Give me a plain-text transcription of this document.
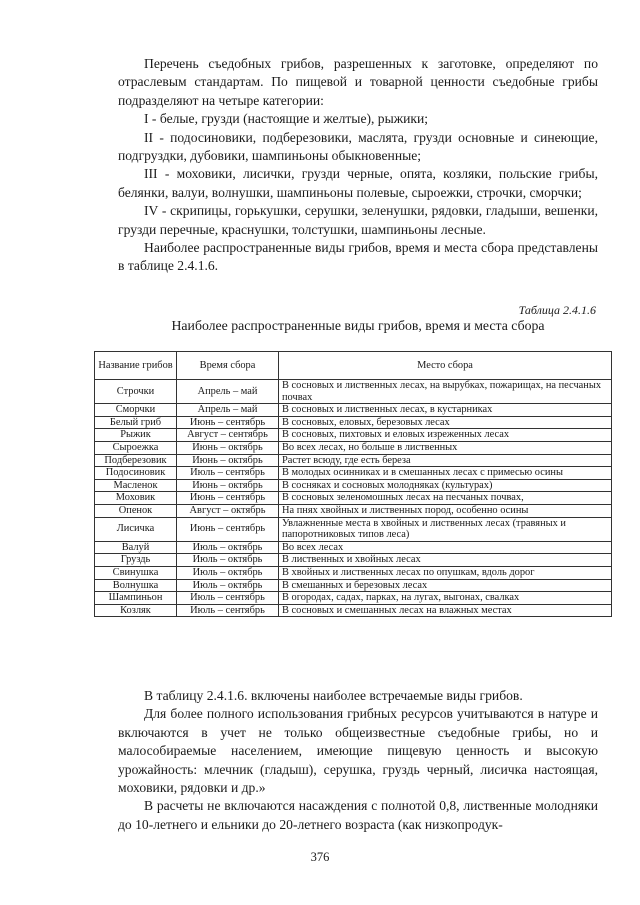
Перечень съедобных грибов, разрешенных к заготовке, определяют по отраслевым стандартам. По пищевой и товарной ценности съедобные грибы подразделяют на четыре категории:

I - белые, грузди (настоящие и желтые), рыжики;

II - подосиновики, подберезовики, маслята, грузди основные и синеющие, подгруздки, дубовики, шампиньоны обыкновенные;

III - моховики, лисички, грузди черные, опята, козляки, польские грибы, белянки, валуи, волнушки, шампиньоны полевые, сыроежки, строчки, сморчки;

IV - скрипицы, горькушки, серушки, зеленушки, рядовки, гладыши, вешенки, грузди перечные, краснушки, толстушки, шампиньоны лесные.

Наиболее распространенные виды грибов, время и места сбора представлены в таблице 2.4.1.6.

Таблица 2.4.1.6
Наиболее распространенные виды грибов, время и места сбора
Название грибов	Время сбора	Место сбора
Строчки	Апрель – май	В сосновых и лиственных лесах, на вырубках, пожарищах, на песчаных почвах
Сморчки	Апрель – май	В сосновых и лиственных лесах, в кустарниках
Белый гриб	Июнь – сентябрь	В сосновых, еловых, березовых лесах
Рыжик	Август – сентябрь	В сосновых, пихтовых и еловых изреженных лесах
Сыроежка	Июнь – октябрь	Во всех лесах, но больше в лиственных
Подберезовик	Июнь – октябрь	Растет всюду, где есть береза
Подосиновик	Июль – сентябрь	В молодых осинниках и в смешанных лесах с примесью осины
Масленок	Июнь – октябрь	В сосняках и сосновых молодняках (культурах)
Моховик	Июнь – сентябрь	В сосновых зеленомошных лесах на песчаных почвах,
Опенок	Август – октябрь	На пнях хвойных и лиственных пород, особенно осины
Лисичка	Июнь – сентябрь	Увлажненные места в хвойных и лиственных лесах (травяных и папоротниковых типов леса)
Валуй	Июль – октябрь	Во всех лесах
Груздь	Июль – октябрь	В лиственных и хвойных лесах
Свинушка	Июль – октябрь	В хвойных и лиственных лесах по опушкам, вдоль дорог
Волнушка	Июль – октябрь	В смешанных и березовых лесах
Шампиньон	Июль – сентябрь	В огородах, садах, парках, на лугах, выгонах, свалках
Козляк	Июль – сентябрь	В сосновых и смешанных лесах на влажных местах

В таблицу 2.4.1.6. включены наиболее встречаемые виды грибов.

Для более полного использования грибных ресурсов учитываются в натуре и включаются в учет не только общеизвестные съедобные грибы, но и малособираемые населением, имеющие пищевую ценность и высокую урожайность: млечник (гладыш), серушка, груздь черный, лисичка настоящая, моховики, рядовки и др.»

В расчеты не включаются насаждения с полнотой 0,8, лиственные молодняки до 10-летнего и ельники до 20-летнего возраста (как низкопродук-

376
